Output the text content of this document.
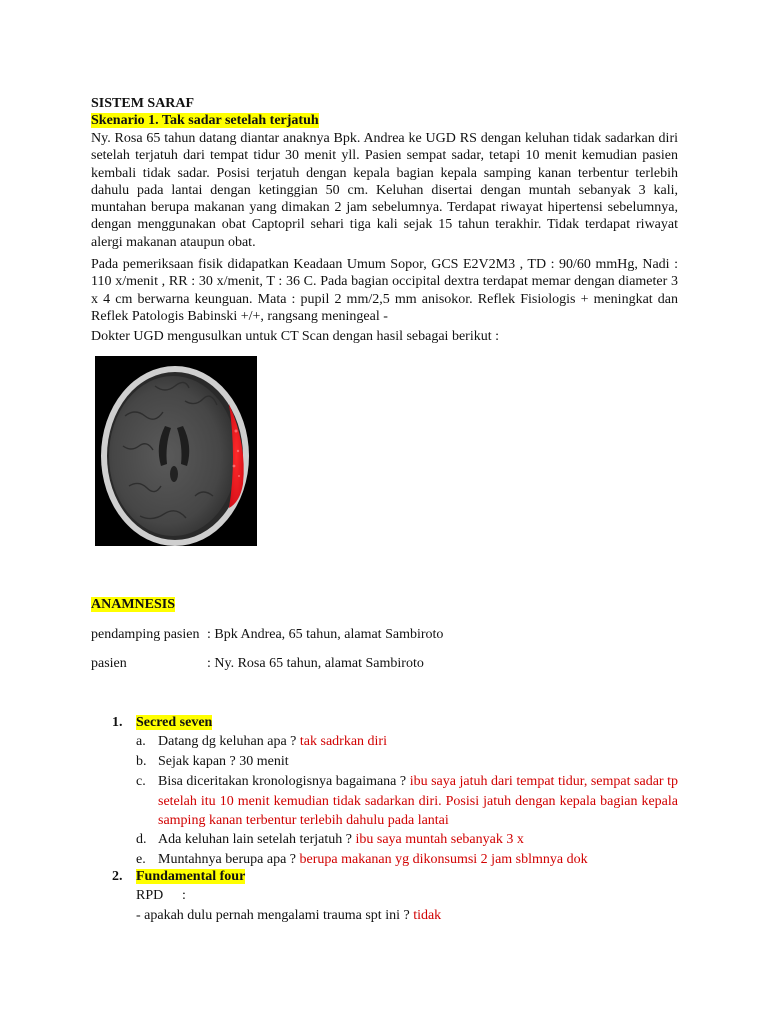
SISTEM SARAF
Skenario 1. Tak sadar setelah terjatuh
Ny. Rosa 65 tahun datang diantar anaknya Bpk. Andrea ke UGD RS dengan keluhan tidak sadarkan diri setelah terjatuh dari tempat tidur 30 menit yll. Pasien sempat sadar, tetapi 10 menit kemudian pasien kembali tidak sadar. Posisi terjatuh dengan kepala bagian kepala samping kanan terbentur terlebih dahulu pada lantai dengan ketinggian 50 cm. Keluhan disertai dengan muntah sebanyak 3 kali, muntahan berupa makanan yang dimakan 2 jam sebelumnya. Terdapat riwayat hipertensi sebelumnya, dengan menggunakan obat Captopril sehari tiga kali sejak 15 tahun terakhir. Tidak terdapat riwayat alergi makanan ataupun obat.
Pada pemeriksaan fisik didapatkan Keadaan Umum Sopor, GCS E2V2M3 , TD : 90/60 mmHg, Nadi : 110 x/menit , RR : 30 x/menit, T : 36 C. Pada bagian occipital dextra terdapat memar dengan diameter 3 x 4 cm berwarna keunguan. Mata : pupil 2 mm/2,5 mm anisokor. Reflek Fisiologis + meningkat dan Reflek Patologis Babinski +/+, rangsang meningeal -
Dokter UGD mengusulkan untuk CT Scan dengan hasil sebagai berikut :
ANAMNESIS
pendamping pasien : Bpk Andrea, 65 tahun, alamat Sambiroto
pasien	: Ny. Rosa 65 tahun, alamat Sambiroto
1. Secred seven
a. Datang dg keluhan apa ? tak sadrkan diri
b. Sejak kapan ? 30 menit
c. Bisa diceritakan kronologisnya bagaimana ? ibu saya jatuh dari tempat tidur, sempat sadar tp setelah itu 10 menit kemudian tidak sadarkan diri. Posisi jatuh dengan kepala bagian kepala samping kanan terbentur terlebih dahulu pada lantai
d. Ada keluhan lain setelah terjatuh ? ibu saya muntah sebanyak 3 x
e. Muntahnya berupa apa ? berupa makanan yg dikonsumsi 2 jam sblmnya dok
2. Fundamental four
RPD :
- apakah dulu pernah mengalami trauma spt ini ? tidak
